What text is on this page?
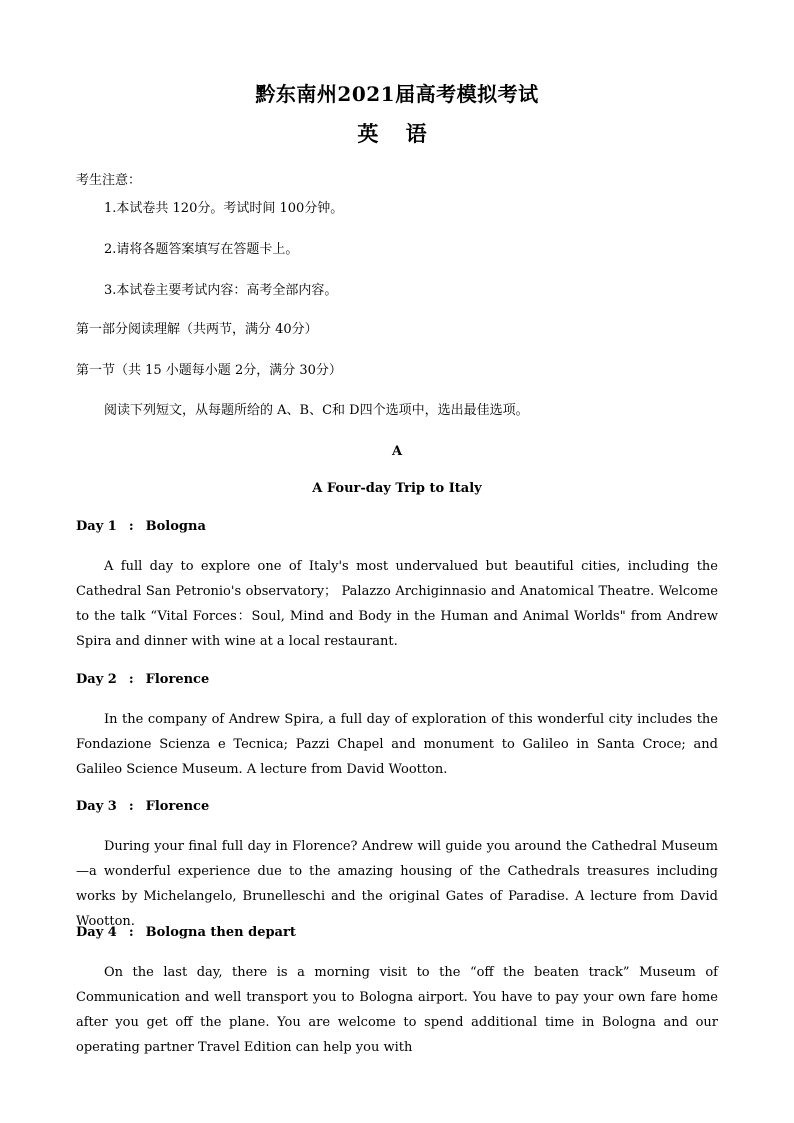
黔东南州2021届高考模拟考试
英 语
考生注意：
1.本试卷共 120分。考试时间 100分钟。
2.请将各题答案填写在答题卡上。
3.本试卷主要考试内容：高考全部内容。
第一部分阅读理解（共两节，满分 40分）
第一节（共 15 小题每小题 2分，满分 30分）
阅读下列短文，从每题所给的 A、B、C和 D四个选项中，选出最佳选项。
A
A Four-day Trip to Italy
Day 1 : Bologna
A full day to explore one of Italy's most undervalued but beautiful cities, including the Cathedral San Petronio's observatory； Palazzo Archiginnasio and Anatomical Theatre. Welcome to the talk “Vital Forces：Soul, Mind and Body in the Human and Animal Worlds" from Andrew Spira and dinner with wine at a local restaurant.
Day 2 : Florence
In the company of Andrew Spira, a full day of exploration of this wonderful city includes the Fondazione Scienza e Tecnica; Pazzi Chapel and monument to Galileo in Santa Croce; and Galileo Science Museum. A lecture from David Wootton.
Day 3 : Florence
During your final full day in Florence? Andrew will guide you around the Cathedral Museum—a wonderful experience due to the amazing housing of the Cathedrals treasures including works by Michelangelo, Brunelleschi and the original Gates of Paradise. A lecture from David Wootton.
Day 4 : Bologna then depart
On the last day, there is a morning visit to the “off the beaten track” Museum of Communication and well transport you to Bologna airport. You have to pay your own fare home after you get off the plane. You are welcome to spend additional time in Bologna and our operating partner Travel Edition can help you with
